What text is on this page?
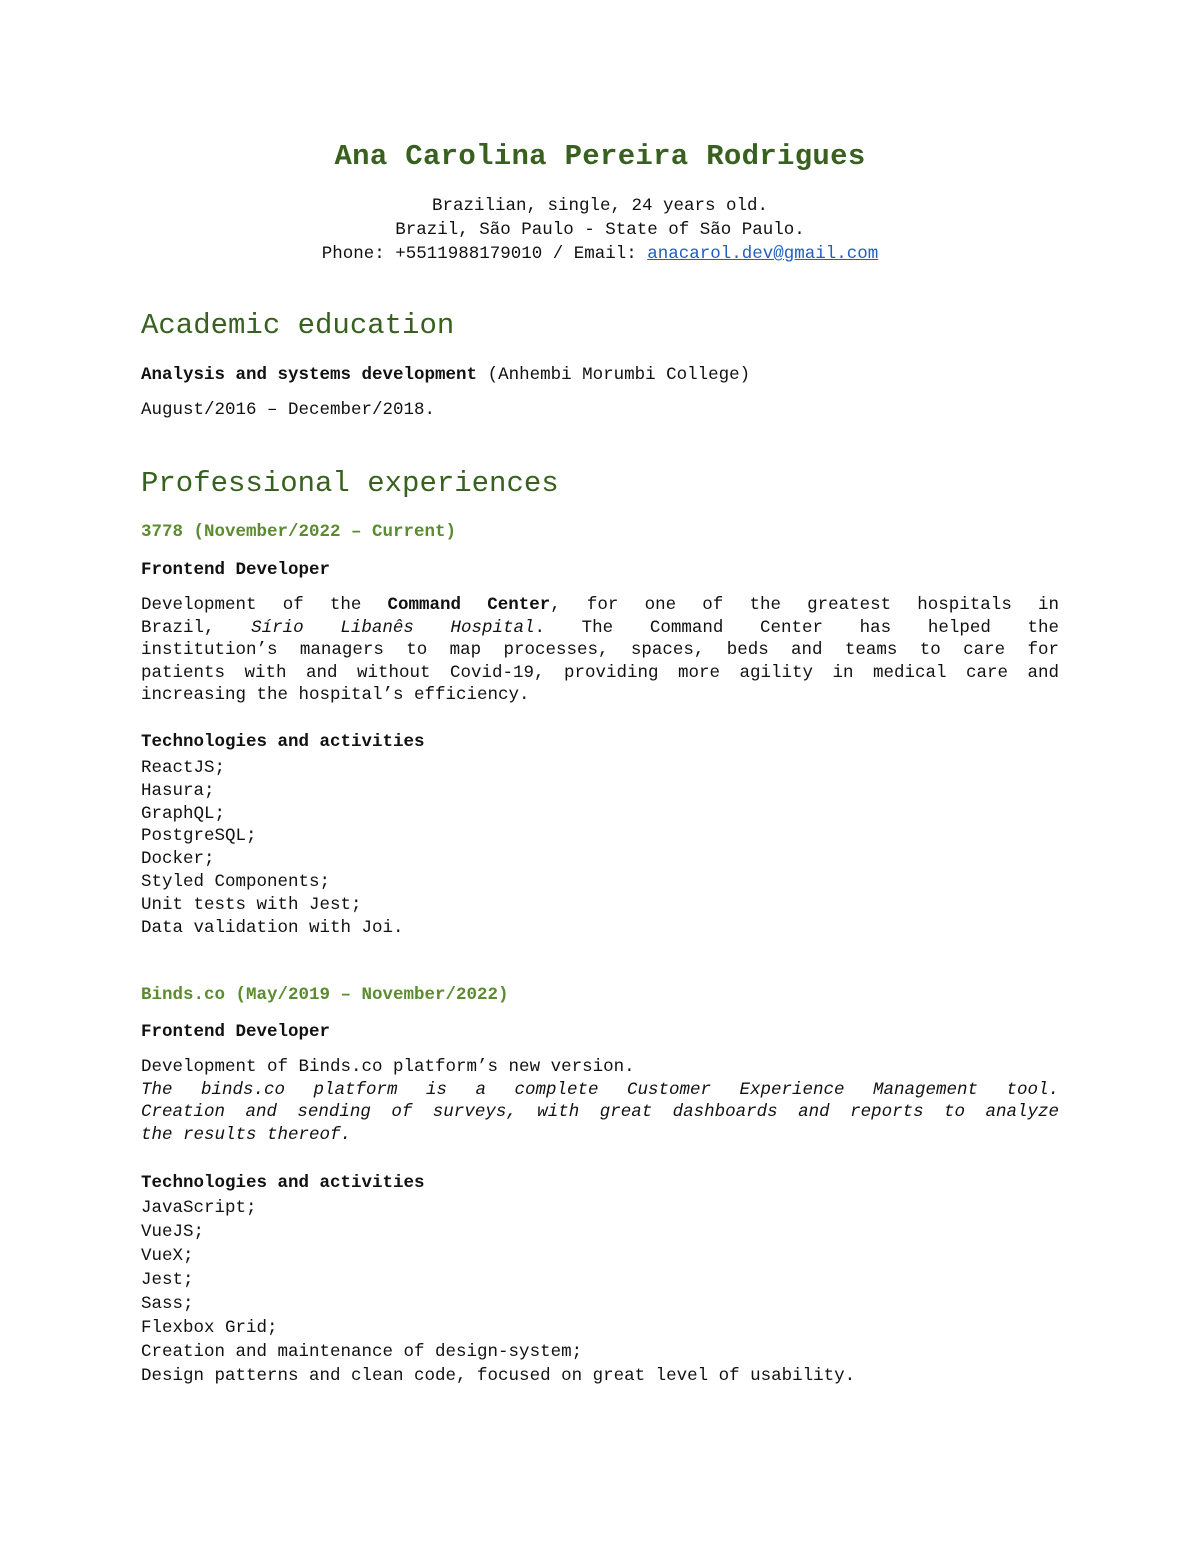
Ana Carolina Pereira Rodrigues
Brazilian, single, 24 years old.
Brazil, São Paulo - State of São Paulo.
Phone: +5511988179010 / Email: anacarol.dev@gmail.com
Academic education
Analysis and systems development (Anhembi Morumbi College)
August/2016 – December/2018.
Professional experiences
3778 (November/2022 – Current)
Frontend Developer
Development of the Command Center, for one of the greatest hospitals in
Brazil, Sírio Libanês Hospital. The Command Center has helped the
institution’s managers to map processes, spaces, beds and teams to care for
patients with and without Covid-19, providing more agility in medical care and
increasing the hospital’s efficiency.
Technologies and activities
ReactJS;
Hasura;
GraphQL;
PostgreSQL;
Docker;
Styled Components;
Unit tests with Jest;
Data validation with Joi.
Binds.co (May/2019 – November/2022)
Frontend Developer
Development of Binds.co platform’s new version.
The binds.co platform is a complete Customer Experience Management tool.
Creation and sending of surveys, with great dashboards and reports to analyze
the results thereof.
Technologies and activities
JavaScript;
VueJS;
VueX;
Jest;
Sass;
Flexbox Grid;
Creation and maintenance of design-system;
Design patterns and clean code, focused on great level of usability.
